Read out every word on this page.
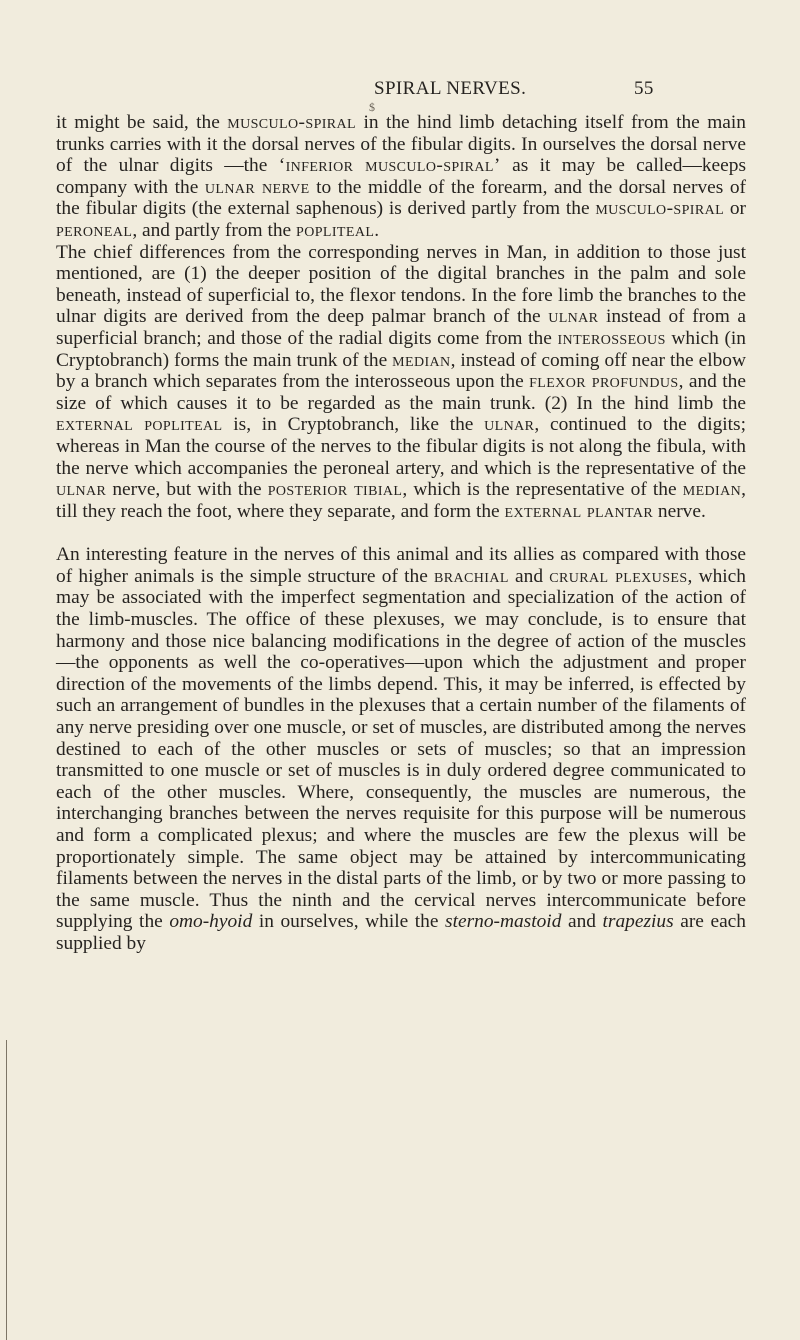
SPIRAL NERVES.	55
$

it might be said, the musculo-spiral in the hind limb detaching itself from the main trunks carries with it the dorsal nerves of the fibular digits. In ourselves the dorsal nerve of the ulnar digits —the ‘inferior musculo-spiral’ as it may be called—keeps company with the ulnar nerve to the middle of the forearm, and the dorsal nerves of the fibular digits (the external saphenous) is derived partly from the musculo-spiral or peroneal, and partly from the popliteal.

The chief differences from the corresponding nerves in Man, in addition to those just mentioned, are (1) the deeper position of the digital branches in the palm and sole beneath, instead of superficial to, the flexor tendons. In the fore limb the branches to the ulnar digits are derived from the deep palmar branch of the ulnar instead of from a superficial branch; and those of the radial digits come from the interosseous which (in Cryptobranch) forms the main trunk of the median, instead of coming off near the elbow by a branch which separates from the interosseous upon the flexor profundus, and the size of which causes it to be regarded as the main trunk. (2) In the hind limb the external popliteal is, in Cryptobranch, like the ulnar, continued to the digits; whereas in Man the course of the nerves to the fibular digits is not along the fibula, with the nerve which accompanies the peroneal artery, and which is the representative of the ulnar nerve, but with the posterior tibial, which is the representative of the median, till they reach the foot, where they separate, and form the external plantar nerve.

An interesting feature in the nerves of this animal and its allies as compared with those of higher animals is the simple structure of the brachial and crural plexuses, which may be associated with the imperfect segmentation and specialization of the action of the limb-muscles. The office of these plexuses, we may conclude, is to ensure that harmony and those nice balancing modifications in the degree of action of the muscles—the opponents as well the co-operatives—upon which the adjustment and proper direction of the movements of the limbs depend. This, it may be inferred, is effected by such an arrangement of bundles in the plexuses that a certain number of the filaments of any nerve presiding over one muscle, or set of muscles, are distributed among the nerves destined to each of the other muscles or sets of muscles; so that an impression transmitted to one muscle or set of muscles is in duly ordered degree communicated to each of the other muscles. Where, consequently, the muscles are numerous, the interchanging branches between the nerves requisite for this purpose will be numerous and form a complicated plexus; and where the muscles are few the plexus will be proportionately simple. The same object may be attained by intercommunicating filaments between the nerves in the distal parts of the limb, or by two or more passing to the same muscle. Thus the ninth and the cervical nerves intercommunicate before supplying the omo-hyoid in ourselves, while the sterno-mastoid and trapezius are each supplied by
